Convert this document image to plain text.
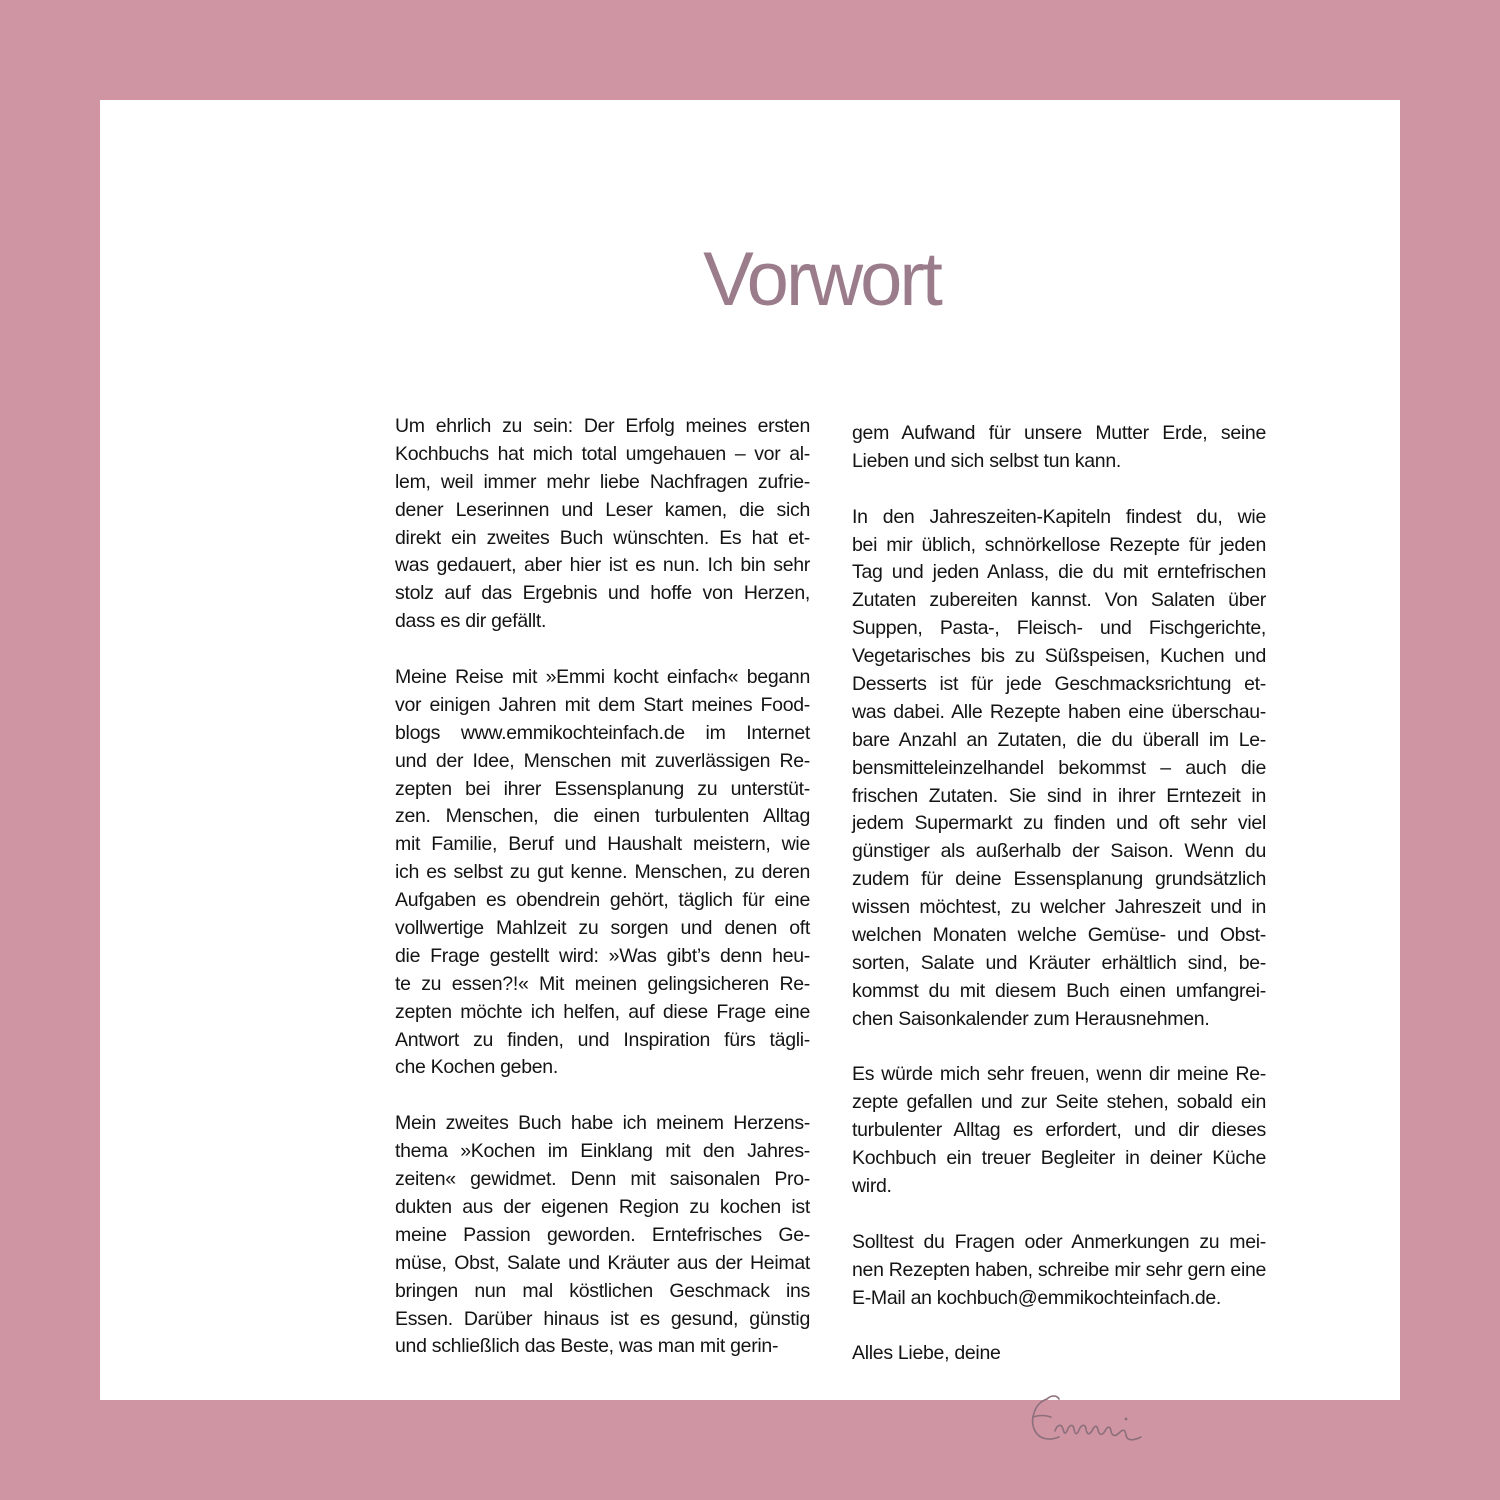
Vorwort
Um ehrlich zu sein: Der Erfolg meines ersten
Kochbuchs hat mich total umgehauen – vor al-
lem, weil immer mehr liebe Nachfragen zufrie-
dener Leserinnen und Leser kamen, die sich
direkt ein zweites Buch wünschten. Es hat et-
was gedauert, aber hier ist es nun. Ich bin sehr
stolz auf das Ergebnis und hoffe von Herzen,
dass es dir gefällt.
Meine Reise mit »Emmi kocht einfach« begann
vor einigen Jahren mit dem Start meines Food-
blogs www.emmikochteinfach.de im Internet
und der Idee, Menschen mit zuverlässigen Re-
zepten bei ihrer Essensplanung zu unterstüt-
zen. Menschen, die einen turbulenten Alltag
mit Familie, Beruf und Haushalt meistern, wie
ich es selbst zu gut kenne. Menschen, zu deren
Aufgaben es obendrein gehört, täglich für eine
vollwertige Mahlzeit zu sorgen und denen oft
die Frage gestellt wird: »Was gibt’s denn heu-
te zu essen?!« Mit meinen gelingsicheren Re-
zepten möchte ich helfen, auf diese Frage eine
Antwort zu finden, und Inspiration fürs tägli-
che Kochen geben.
Mein zweites Buch habe ich meinem Herzens-
thema »Kochen im Einklang mit den Jahres-
zeiten« gewidmet. Denn mit saisonalen Pro-
dukten aus der eigenen Region zu kochen ist
meine Passion geworden. Erntefrisches Ge-
müse, Obst, Salate und Kräuter aus der Heimat
bringen nun mal köstlichen Geschmack ins
Essen. Darüber hinaus ist es gesund, günstig
und schließlich das Beste, was man mit gerin-
gem Aufwand für unsere Mutter Erde, seine
Lieben und sich selbst tun kann.
In den Jahreszeiten-Kapiteln findest du, wie
bei mir üblich, schnörkellose Rezepte für jeden
Tag und jeden Anlass, die du mit erntefrischen
Zutaten zubereiten kannst. Von Salaten über
Suppen, Pasta-, Fleisch- und Fischgerichte,
Vegetarisches bis zu Süßspeisen, Kuchen und
Desserts ist für jede Geschmacksrichtung et-
was dabei. Alle Rezepte haben eine überschau-
bare Anzahl an Zutaten, die du überall im Le-
bensmitteleinzelhandel bekommst – auch die
frischen Zutaten. Sie sind in ihrer Erntezeit in
jedem Supermarkt zu finden und oft sehr viel
günstiger als außerhalb der Saison. Wenn du
zudem für deine Essensplanung grundsätzlich
wissen möchtest, zu welcher Jahreszeit und in
welchen Monaten welche Gemüse- und Obst-
sorten, Salate und Kräuter erhältlich sind, be-
kommst du mit diesem Buch einen umfangrei-
chen Saisonkalender zum Herausnehmen.
Es würde mich sehr freuen, wenn dir meine Re-
zepte gefallen und zur Seite stehen, sobald ein
turbulenter Alltag es erfordert, und dir dieses
Kochbuch ein treuer Begleiter in deiner Küche
wird.
Solltest du Fragen oder Anmerkungen zu mei-
nen Rezepten haben, schreibe mir sehr gern eine
E-Mail an kochbuch@emmikochteinfach.de.
Alles Liebe, deine
